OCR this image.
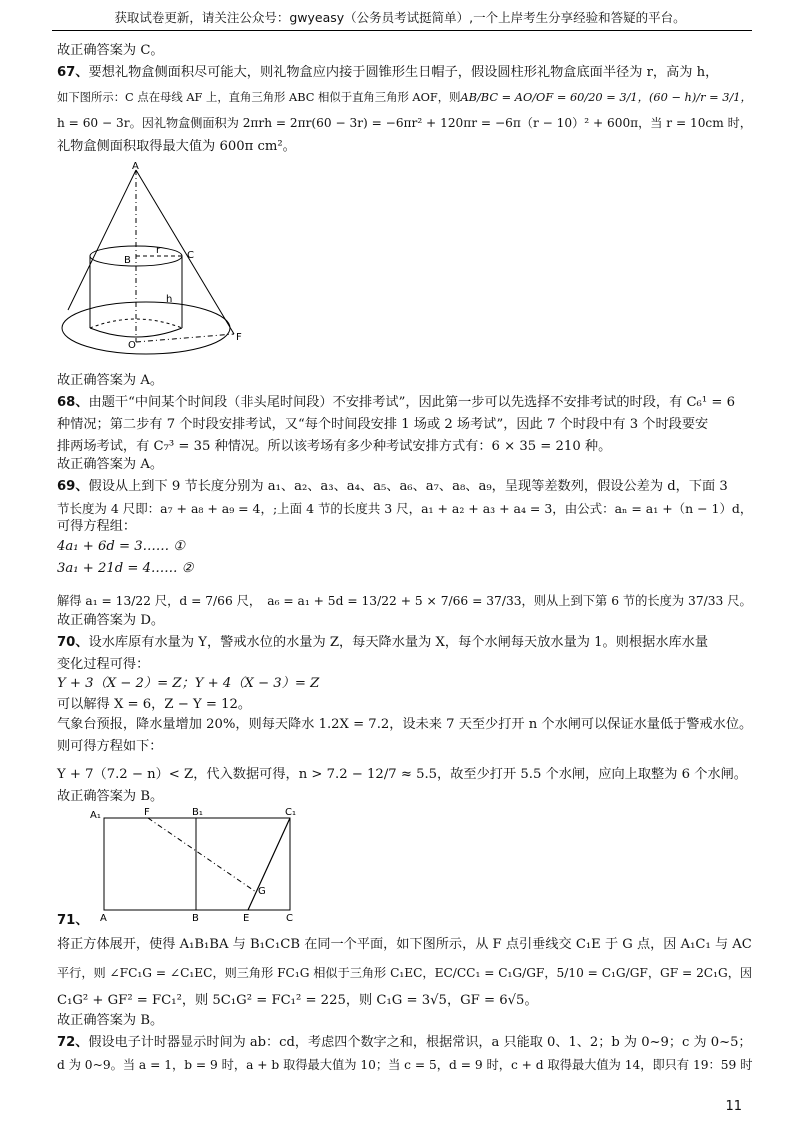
获取试卷更新，请关注公众号：gwyeasy（公务员考试挺简单）,一个上岸考生分享经验和答疑的平台。
故正确答案为 C。
67、要想礼物盒侧面积尽可能大，则礼物盒应内接于圆锥形生日帽子，假设圆柱形礼物盒底面半径为 r，高为 h，
如下图所示：C 点在母线 AF 上，直角三角形 ABC 相似于直角三角形 AOF，则AB/BC = AO/OF = 60/20 = 3/1，(60 − h)/r = 3/1，
h = 60 − 3r。因礼物盒侧面积为 2πrh = 2πr(60 − 3r) = −6πr² + 120πr = −6π（r − 10）² + 600π，当 r = 10cm 时，
礼物盒侧面积取得最大值为 600π cm²。
A
B	C
r
h
O
F
故正确答案为 A。
68、由题干“中间某个时间段（非头尾时间段）不安排考试”，因此第一步可以先选择不安排考试的时段，有 C₆¹ = 6
种情况；第二步有 7 个时段安排考试，又“每个时间段安排 1 场或 2 场考试”，因此 7 个时段中有 3 个时段要安
排两场考试，有 C₇³ = 35 种情况。所以该考场有多少种考试安排方式有：6 × 35 = 210 种。
故正确答案为 A。
69、假设从上到下 9 节长度分别为 a₁、a₂、a₃、a₄、a₅、a₆、a₇、a₈、a₉，呈现等差数列，假设公差为 d，下面 3
节长度为 4 尺即：a₇ + a₈ + a₉ = 4，;上面 4 节的长度共 3 尺，a₁ + a₂ + a₃ + a₄ = 3，由公式：aₙ = a₁ +（n − 1）d，
可得方程组：
4a₁ + 6d = 3…… ①
3a₁ + 21d = 4…… ②
解得 a₁ = 13/22 尺，d = 7/66 尺，　a₆ = a₁ + 5d = 13/22 + 5 × 7/66 = 37/33，则从上到下第 6 节的长度为 37/33 尺。
故正确答案为 D。
70、设水库原有水量为 Y，警戒水位的水量为 Z，每天降水量为 X，每个水闸每天放水量为 1。则根据水库水量
变化过程可得：
Y + 3（X − 2）= Z；Y + 4（X − 3）= Z
可以解得 X = 6，Z − Y = 12。
气象台预报，降水量增加 20%，则每天降水 1.2X = 7.2，设未来 7 天至少打开 n 个水闸可以保证水量低于警戒水位。
则可得方程如下：
Y + 7（7.2 − n）< Z，代入数据可得，n > 7.2 − 12/7 ≈ 5.5，故至少打开 5.5 个水闸，应向上取整为 6 个水闸。
故正确答案为 B。
A₁	F	B₁	C₁
G
A	B	E	C
71、
将正方体展开，使得 A₁B₁BA 与 B₁C₁CB 在同一个平面，如下图所示，从 F 点引垂线交 C₁E 于 G 点，因 A₁C₁ 与 AC
平行，则 ∠FC₁G = ∠C₁EC，则三角形 FC₁G 相似于三角形 C₁EC，EC/CC₁ = C₁G/GF，5/10 = C₁G/GF，GF = 2C₁G，因
C₁G² + GF² = FC₁²，则 5C₁G² = FC₁² = 225，则 C₁G = 3√5，GF = 6√5。
故正确答案为 B。
72、假设电子计时器显示时间为 ab：cd，考虑四个数字之和，根据常识，a 只能取 0、1、2；b 为 0~9；c 为 0~5；
d 为 0~9。当 a = 1，b = 9 时，a + b 取得最大值为 10；当 c = 5，d = 9 时，c + d 取得最大值为 14，即只有 19：59 时
11
